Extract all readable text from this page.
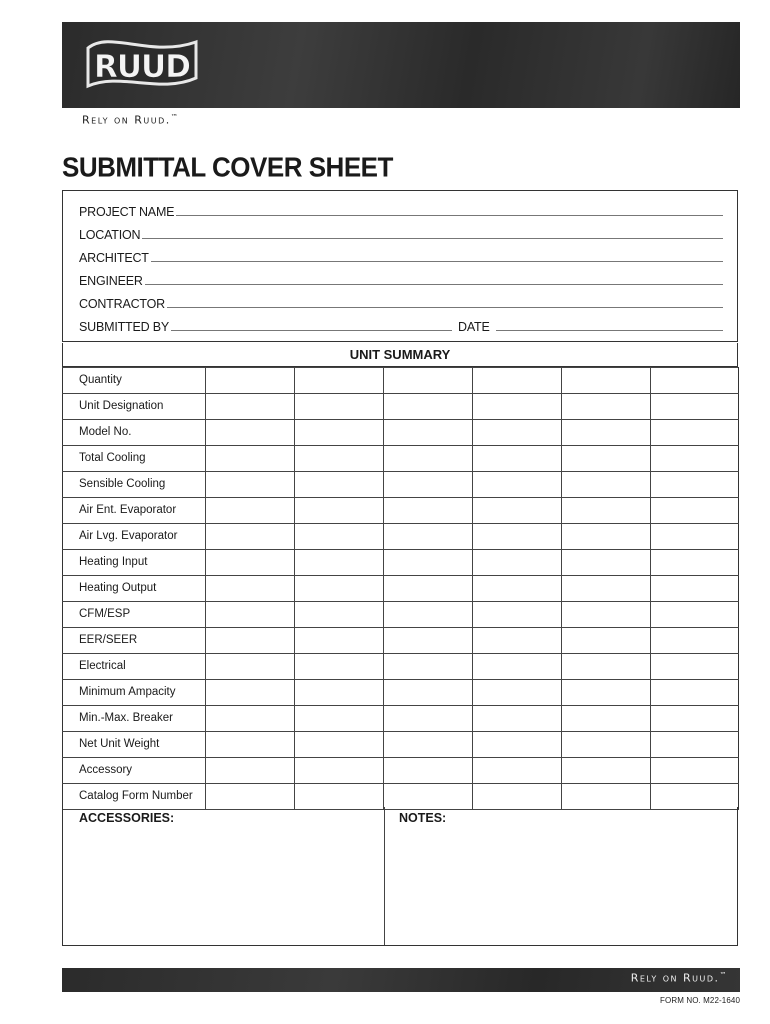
RUUD
Rely on Ruud.™
SUBMITTAL COVER SHEET
PROJECT NAME
LOCATION
ARCHITECT
ENGINEER
CONTRACTOR
SUBMITTED BY	DATE
UNIT SUMMARY
Quantity						
Unit Designation						
Model No.						
Total Cooling						
Sensible Cooling						
Air Ent. Evaporator						
Air Lvg. Evaporator						
Heating Input						
Heating Output						
CFM/ESP						
EER/SEER						
Electrical						
Minimum Ampacity						
Min.-Max. Breaker						
Net Unit Weight						
Accessory						
Catalog Form Number						
ACCESSORIES:	NOTES:
Rely on Ruud.™
FORM NO. M22-1640
